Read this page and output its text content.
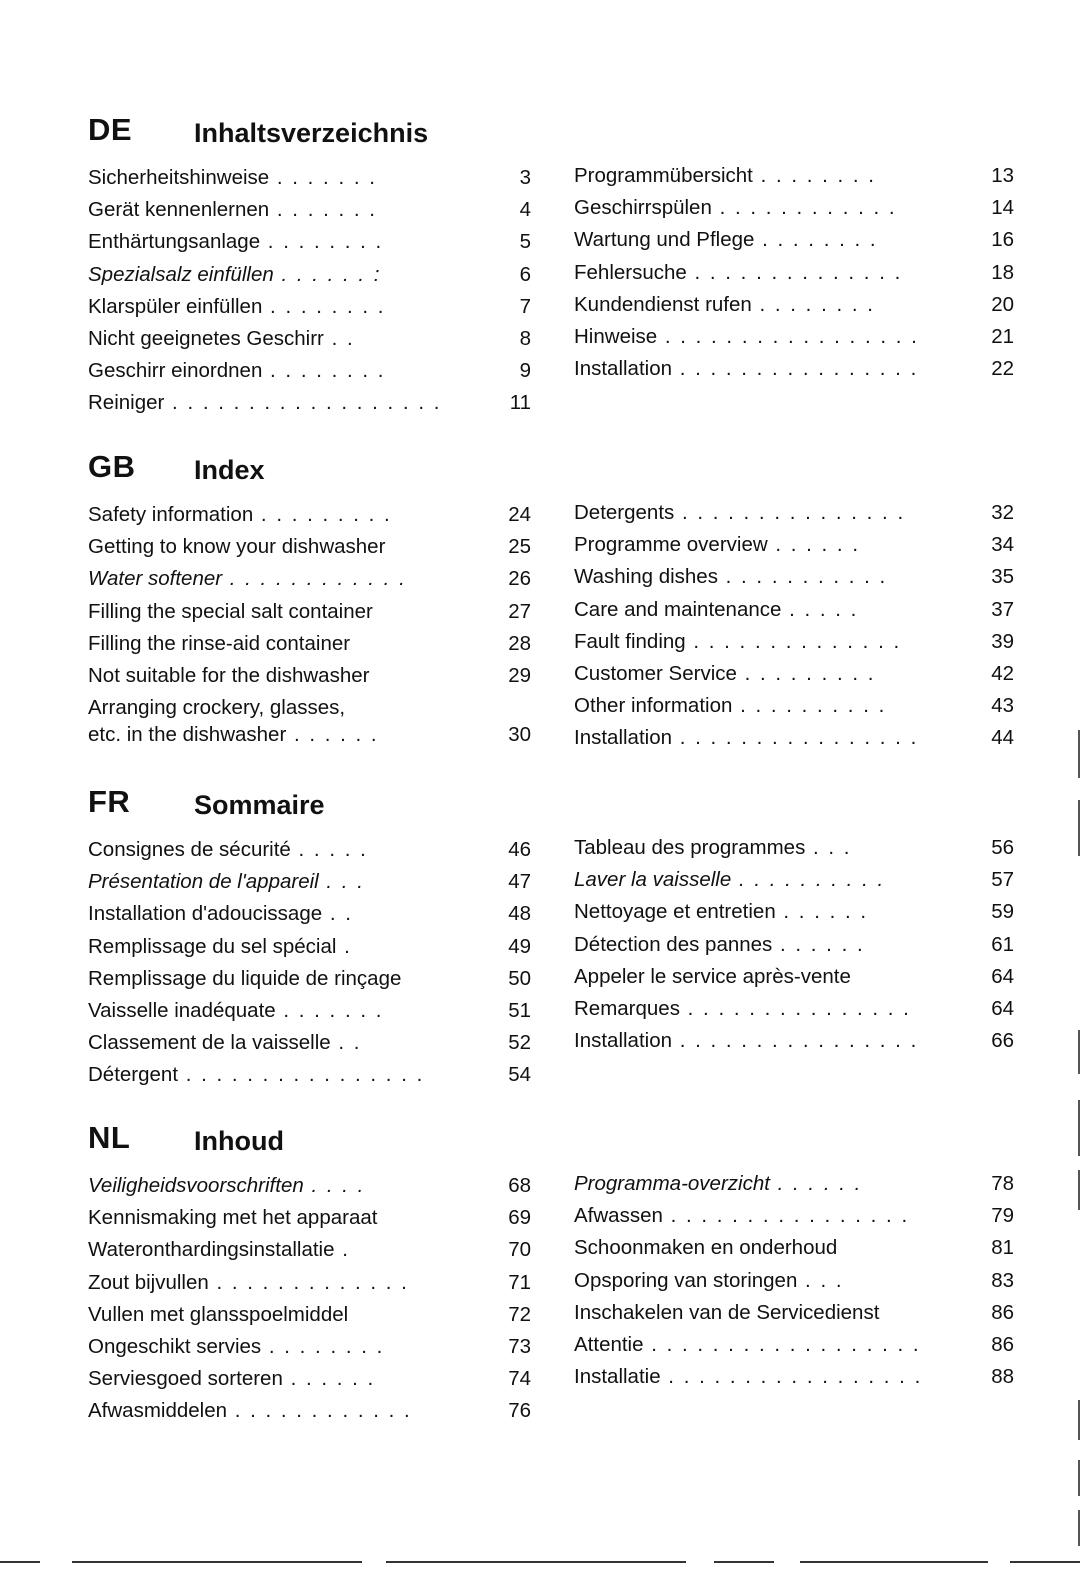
DE Inhaltsverzeichnis
Sicherheitshinweise . . . . . . .	3
Gerät kennenlernen . . . . . . .	4
Enthärtungsanlage . . . . . . . .	5
Spezialsalz einfüllen . . . . . . :	6
Klarspüler einfüllen . . . . . . . .	7
Nicht geeignetes Geschirr . .	8
Geschirr einordnen . . . . . . . .	9
Reiniger . . . . . . . . . . . . . . . . . .	11
Programmübersicht . . . . . . . .	13
Geschirrspülen . . . . . . . . . . . .	14
Wartung und Pflege . . . . . . . .	16
Fehlersuche . . . . . . . . . . . . . .	18
Kundendienst rufen . . . . . . . .	20
Hinweise . . . . . . . . . . . . . . . . .	21
Installation . . . . . . . . . . . . . . . .	22
GB Index
Safety information . . . . . . . . .	24
Getting to know your dishwasher	25
Water softener . . . . . . . . . . . .	26
Filling the special salt container	27
Filling the rinse-aid container	28
Not suitable for the dishwasher	29
Arranging crockery, glasses,
etc. in the dishwasher . . . . . .	30
Detergents . . . . . . . . . . . . . . .	32
Programme overview . . . . . .	34
Washing dishes . . . . . . . . . . .	35
Care and maintenance . . . . .	37
Fault finding . . . . . . . . . . . . . .	39
Customer Service . . . . . . . . .	42
Other information . . . . . . . . . .	43
Installation . . . . . . . . . . . . . . . .	44
FR Sommaire
Consignes de sécurité . . . . .	46
Présentation de l'appareil . . .	47
Installation d'adoucissage . .	48
Remplissage du sel spécial .	49
Remplissage du liquide de rinçage	50
Vaisselle inadéquate . . . . . . .	51
Classement de la vaisselle . .	52
Détergent . . . . . . . . . . . . . . . .	54
Tableau des programmes . . .	56
Laver la vaisselle . . . . . . . . . .	57
Nettoyage et entretien . . . . . .	59
Détection des pannes . . . . . .	61
Appeler le service après-vente	64
Remarques . . . . . . . . . . . . . . .	64
Installation . . . . . . . . . . . . . . . .	66
NL Inhoud
Veiligheidsvoorschriften . . . .	68
Kennismaking met het apparaat	69
Wateronthardingsinstallatie .	70
Zout bijvullen . . . . . . . . . . . . .	71
Vullen met glansspoelmiddel	72
Ongeschikt servies . . . . . . . .	73
Serviesgoed sorteren . . . . . .	74
Afwasmiddelen . . . . . . . . . . . .	76
Programma-overzicht . . . . . .	78
Afwassen . . . . . . . . . . . . . . . .	79
Schoonmaken en onderhoud	81
Opsporing van storingen . . .	83
Inschakelen van de Servicedienst	86
Attentie . . . . . . . . . . . . . . . . . .	86
Installatie . . . . . . . . . . . . . . . . .	88
